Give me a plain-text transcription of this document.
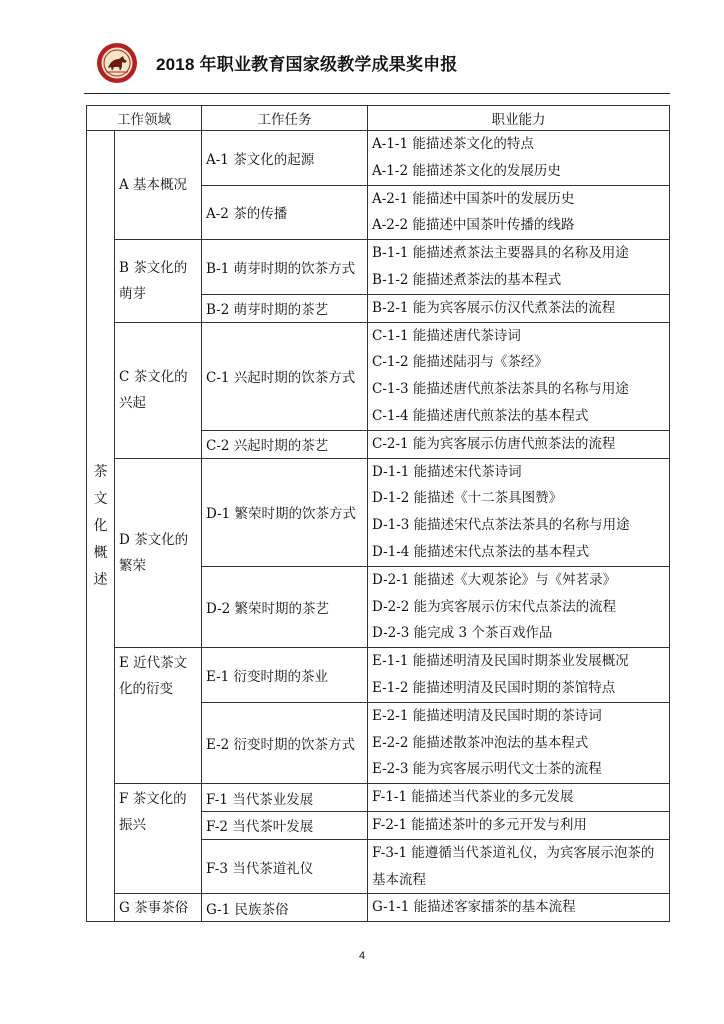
2018 年职业教育国家级教学成果奖申报
工作领域		工作任务	职业能力
茶文化概述	A 基本概况	A-1 茶文化的起源	A-1-1 能描述茶文化的特点
A-1-2 能描述茶文化的发展历史

		A-2 茶的传播	A-2-1 能描述中国茶叶的发展历史
A-2-2 能描述中国茶叶传播的线路

	B 茶文化的萌芽	B-1 萌芽时期的饮茶方式	B-1-1 能描述煮茶法主要器具的名称及用途
B-1-2 能描述煮茶法的基本程式

		B-2 萌芽时期的茶艺	B-2-1 能为宾客展示仿汉代煮茶法的流程

	C 茶文化的兴起	C-1 兴起时期的饮茶方式	C-1-1 能描述唐代茶诗词
C-1-2 能描述陆羽与《茶经》
C-1-3 能描述唐代煎茶法茶具的名称与用途
C-1-4 能描述唐代煎茶法的基本程式

		C-2 兴起时期的茶艺	C-2-1 能为宾客展示仿唐代煎茶法的流程

	D 茶文化的繁荣	D-1 繁荣时期的饮茶方式	D-1-1 能描述宋代茶诗词
D-1-2 能描述《十二茶具图赞》
D-1-3 能描述宋代点茶法茶具的名称与用途
D-1-4 能描述宋代点茶法的基本程式

		D-2 繁荣时期的茶艺	D-2-1 能描述《大观茶论》与《舛茗录》
D-2-2 能为宾客展示仿宋代点茶法的流程
D-2-3 能完成 3 个茶百戏作品

	E 近代茶文化的衍变	E-1 衍变时期的茶业	E-1-1 能描述明清及民国时期茶业发展概况
E-1-2 能描述明清及民国时期的茶馆特点

		E-2 衍变时期的饮茶方式	E-2-1 能描述明清及民国时期的茶诗词
E-2-2 能描述散茶冲泡法的基本程式
E-2-3 能为宾客展示明代文士茶的流程

	F 茶文化的振兴	F-1 当代茶业发展	F-1-1 能描述当代茶业的多元发展

		F-2 当代茶叶发展	F-2-1 能描述茶叶的多元开发与利用

		F-3 当代茶道礼仪	F-3-1 能遵循当代茶道礼仪，为宾客展示泡茶的基本流程

	G 茶事茶俗	G-1 民族茶俗	G-1-1 能描述客家擂茶的基本流程
4
